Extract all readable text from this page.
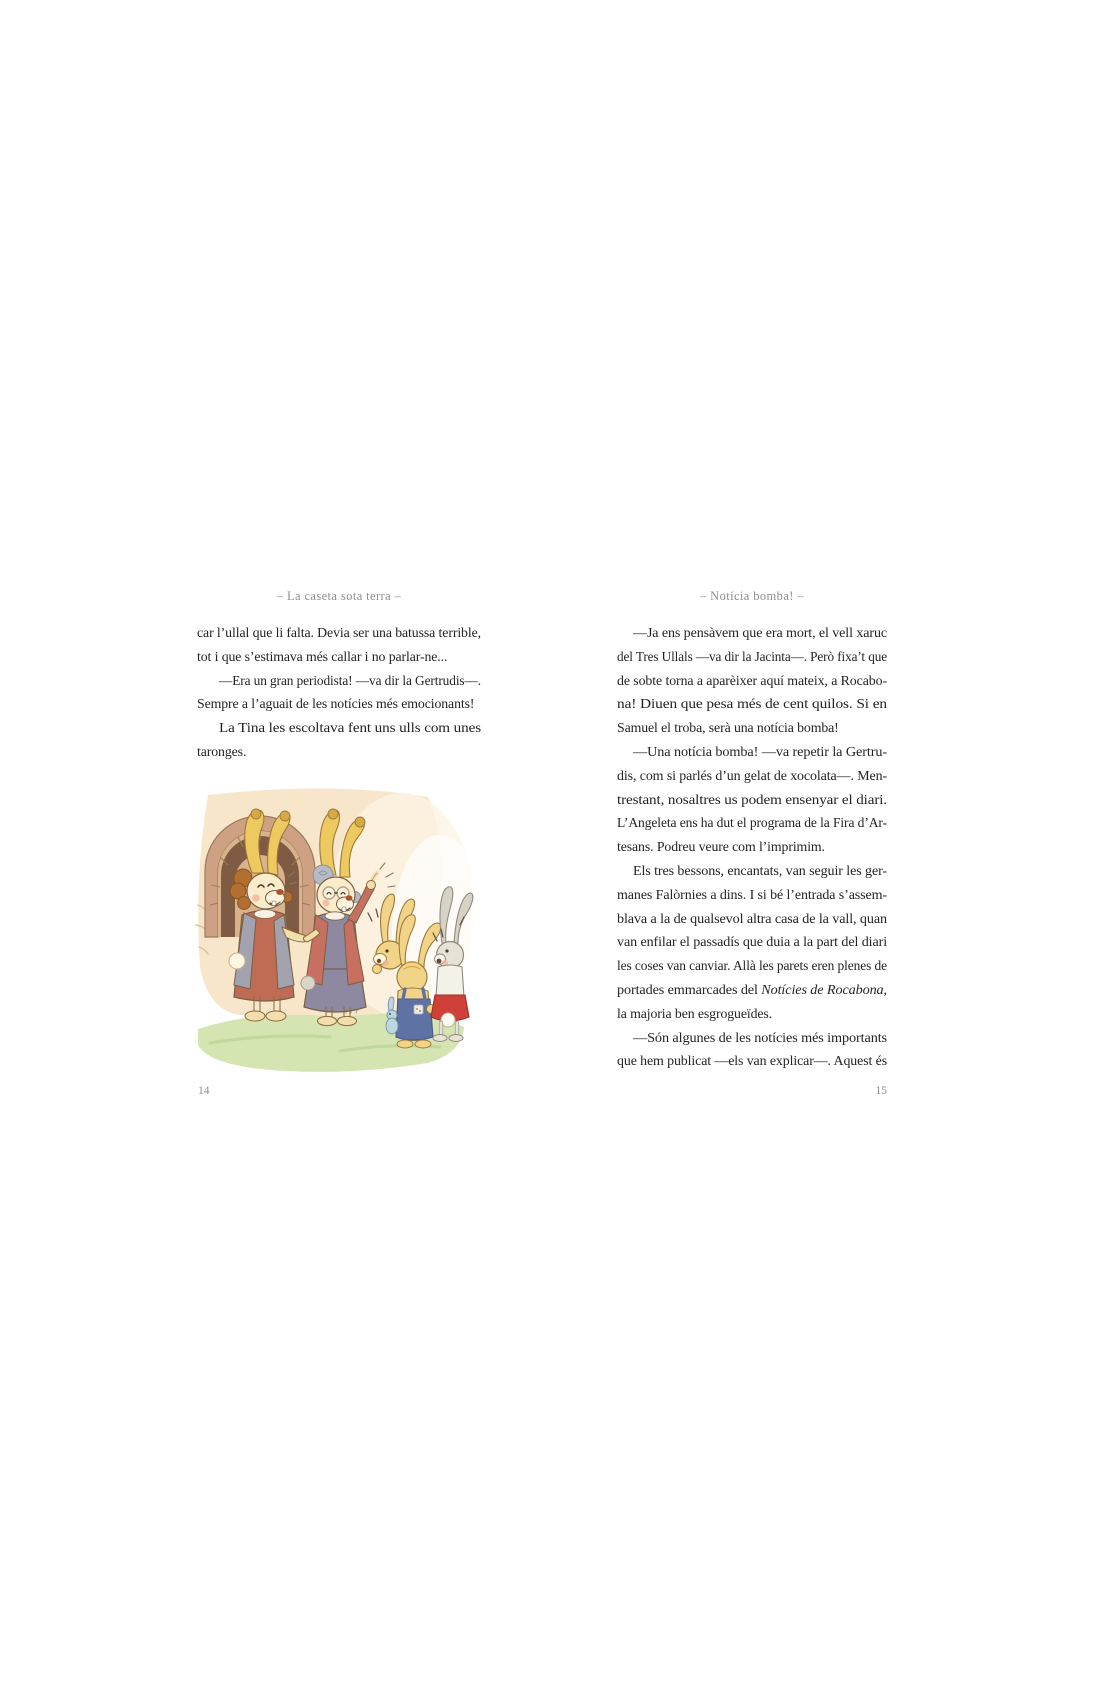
– La caseta sota terra –
car l’ullal que li falta. Devia ser una batussa terrible,
tot i que s’estimava més callar i no parlar-ne...
—Era un gran periodista! —va dir la Gertrudis—.
Sempre a l’aguait de les notícies més emocionants!
La Tina les escoltava fent uns ulls com unes
taronges.
14
– Notícia bomba! –
—Ja ens pensàvem que era mort, el vell xaruc
del Tres Ullals —va dir la Jacinta—. Però fixa’t que
de sobte torna a aparèixer aquí mateix, a Rocabo-
na! Diuen que pesa més de cent quilos. Si en
Samuel el troba, serà una notícia bomba!
—Una notícia bomba! —va repetir la Gertru-
dis, com si parlés d’un gelat de xocolata—. Men-
trestant, nosaltres us podem ensenyar el diari.
L’Angeleta ens ha dut el programa de la Fira d’Ar-
tesans. Podreu veure com l’imprimim.
Els tres bessons, encantats, van seguir les ger-
manes Falòrnies a dins. I si bé l’entrada s’assem-
blava a la de qualsevol altra casa de la vall, quan
van enfilar el passadís que duia a la part del diari
les coses van canviar. Allà les parets eren plenes de
portades emmarcades del Notícies de Rocabona,
la majoria ben esgrogueïdes.
—Són algunes de les notícies més importants
que hem publicat —els van explicar—. Aquest és
15
